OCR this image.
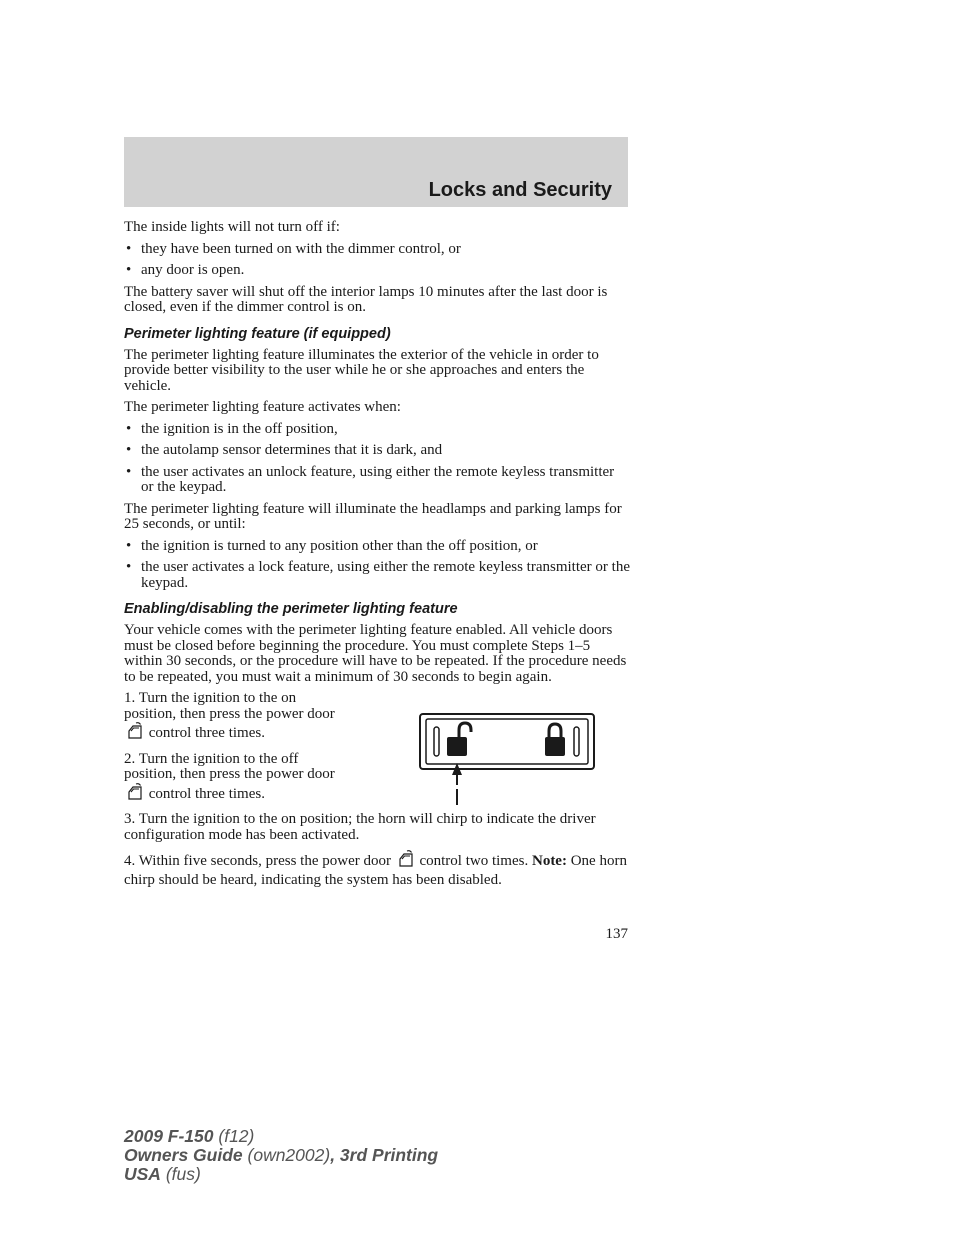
Locks and Security

The inside lights will not turn off if:

• they have been turned on with the dimmer control, or
• any door is open.

The battery saver will shut off the interior lamps 10 minutes after the last door is closed, even if the dimmer control is on.

Perimeter lighting feature (if equipped)

The perimeter lighting feature illuminates the exterior of the vehicle in order to provide better visibility to the user while he or she approaches and enters the vehicle.

The perimeter lighting feature activates when:

• the ignition is in the off position,
• the autolamp sensor determines that it is dark, and
• the user activates an unlock feature, using either the remote keyless transmitter or the keypad.

The perimeter lighting feature will illuminate the headlamps and parking lamps for 25 seconds, or until:

• the ignition is turned to any position other than the off position, or
• the user activates a lock feature, using either the remote keyless transmitter or the keypad.
Enabling/disabling the perimeter lighting feature

Your vehicle comes with the perimeter lighting feature enabled. All vehicle doors must be closed before beginning the procedure. You must complete Steps 1–5 within 30 seconds, or the procedure will have to be repeated. If the procedure needs to be repeated, you must wait a minimum of 30 seconds to begin again.

1. Turn the ignition to the on position, then press the power door  control three times.
2. Turn the ignition to the off position, then press the power door  control three times.
3. Turn the ignition to the on position; the horn will chirp to indicate the driver configuration mode has been activated.
4. Within five seconds, press the power door control two times. Note: One horn chirp should be heard, indicating the system has been disabled.
137
2009 F-150 (f12)
Owners Guide (own2002), 3rd Printing
USA (fus)
